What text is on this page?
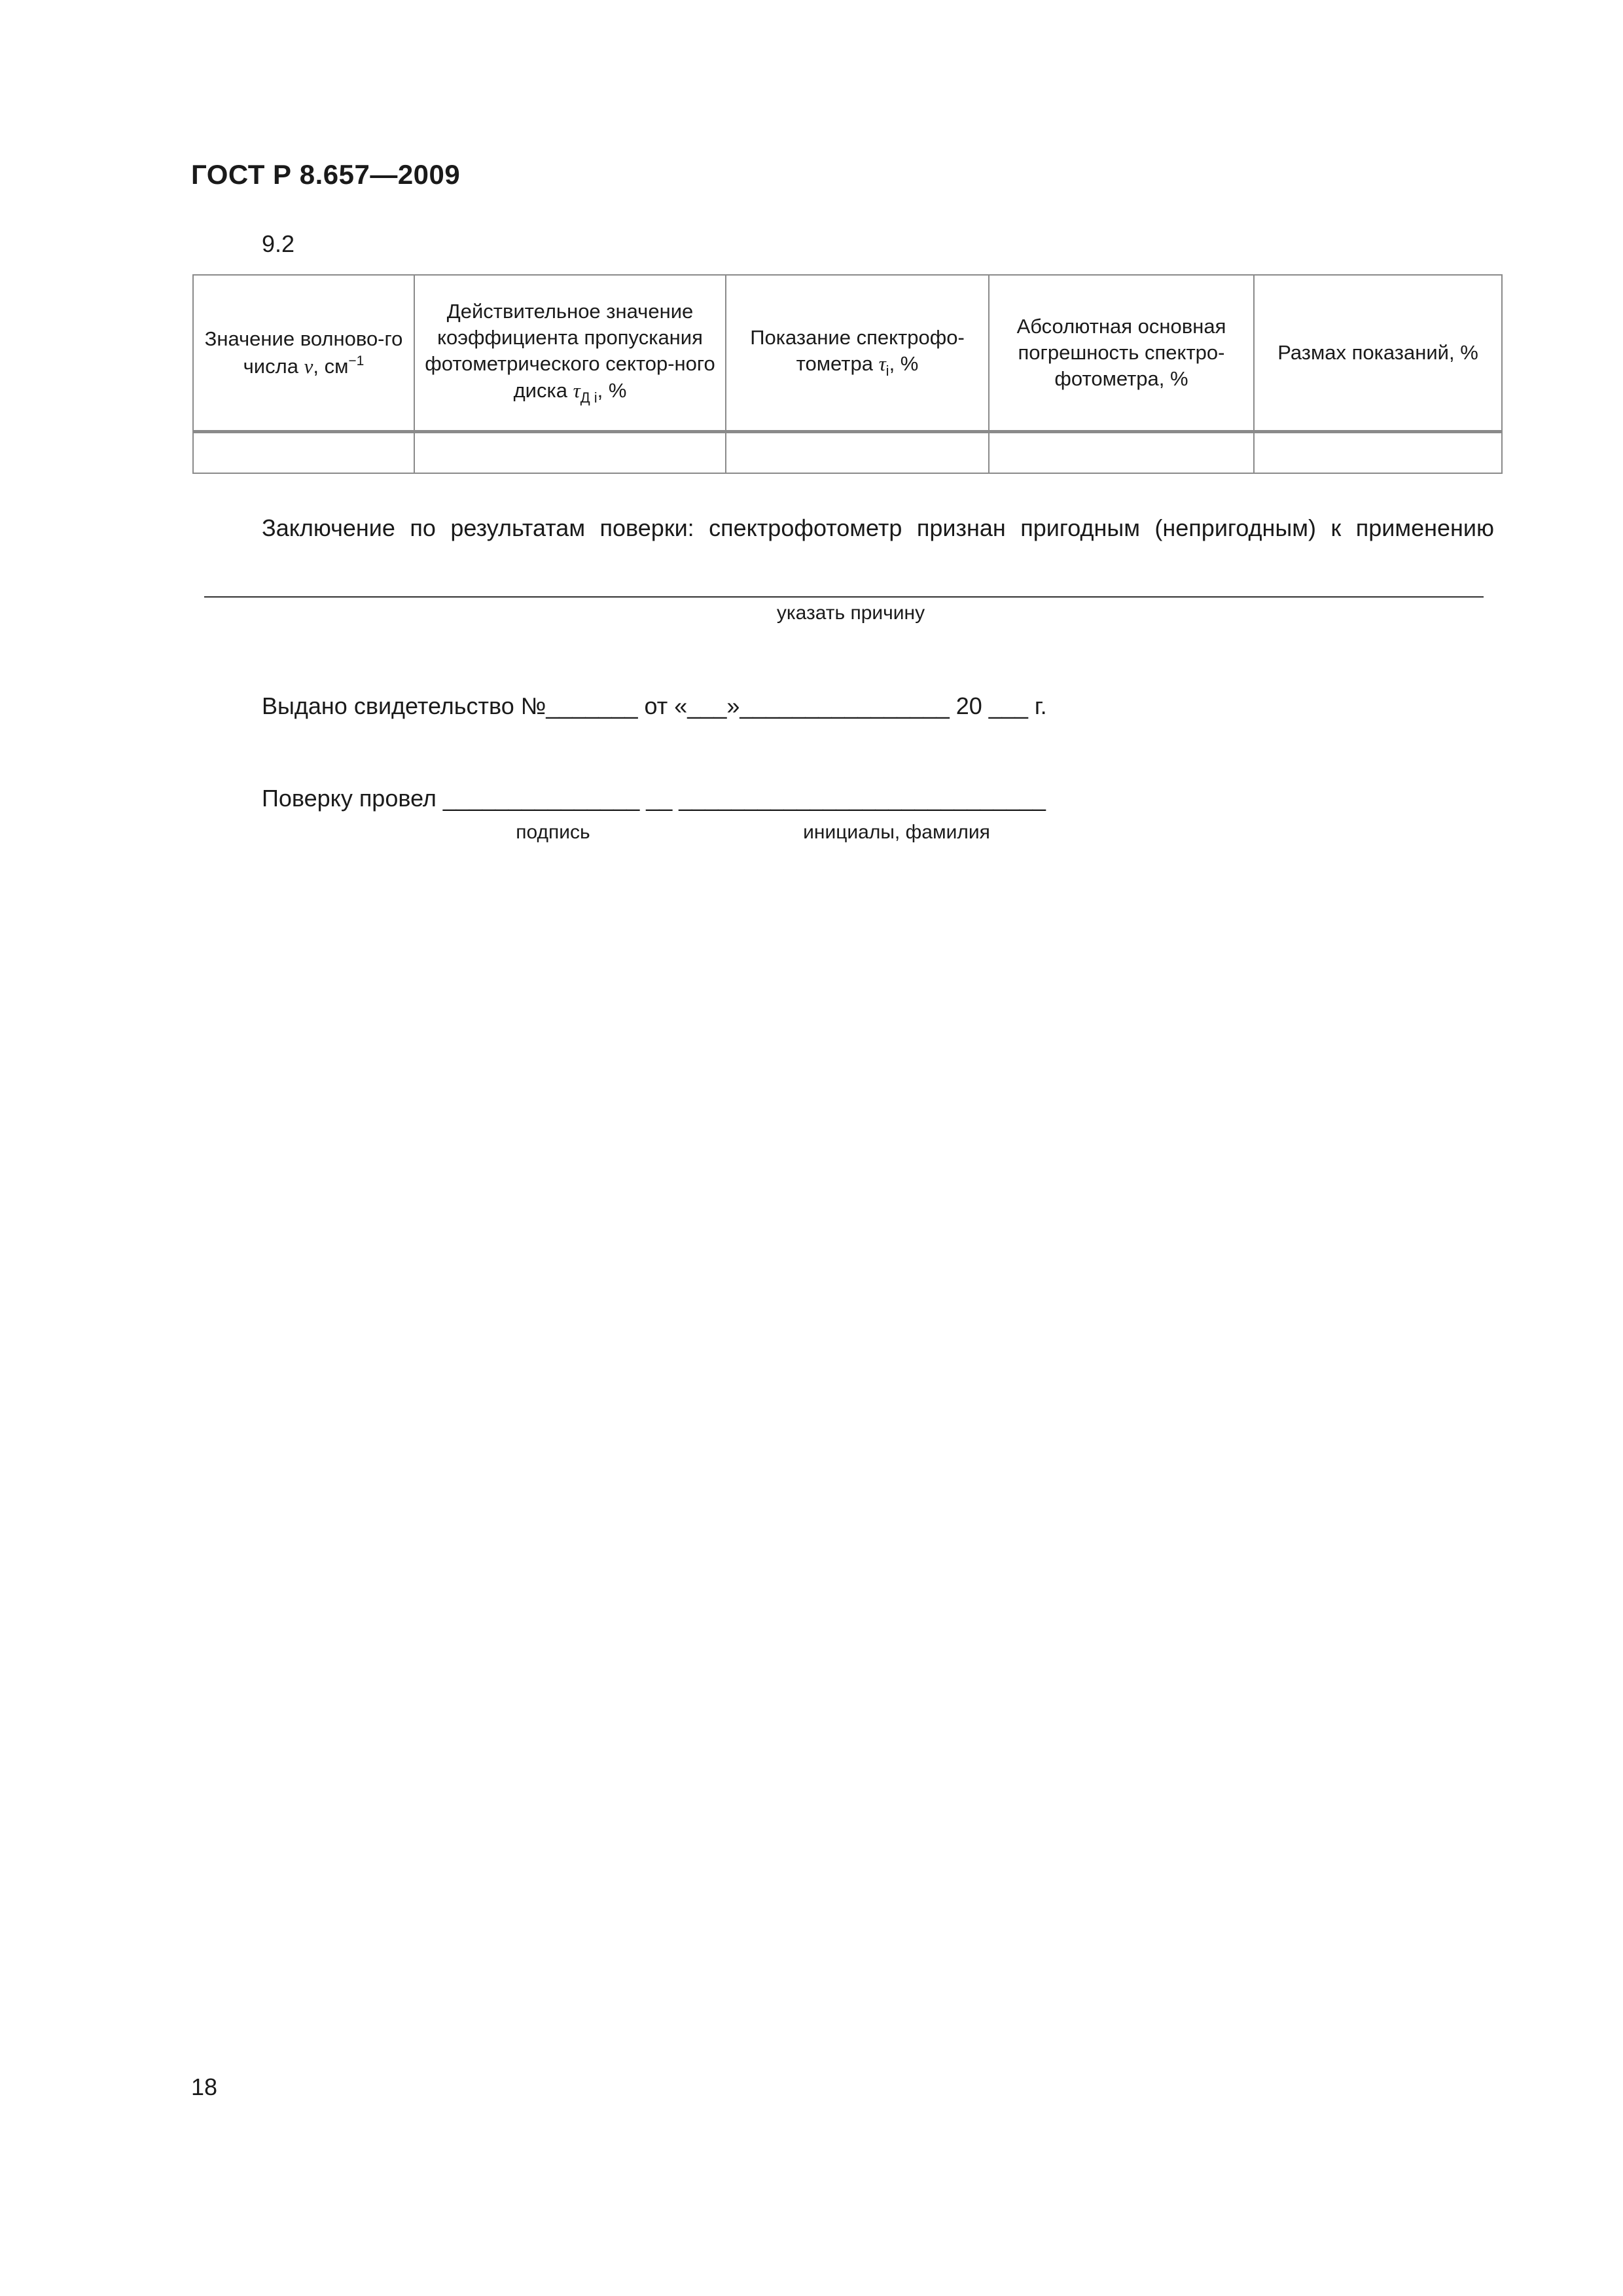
ГОСТ Р 8.657—2009
9.2
Значение волново-го числа ν, $см^{-1}$	Действительное значение коэффициента пропускания фотометрического сектор-ного диска $\tau_{Д i}$, %	Показание спектрофо-тометра $\tau_i$, %	Абсолютная основная погрешность спектро-фотометра, %	Размах показаний, %

Заключение по результатам поверки: спектрофотометр признан пригодным (непригодным) к применению
указать причину
Выдано свидетельство №_______ от «___»________________ 20 ___ г.
Поверку провел _______________ __ ____________________________
подпись	инициалы, фамилия
18
